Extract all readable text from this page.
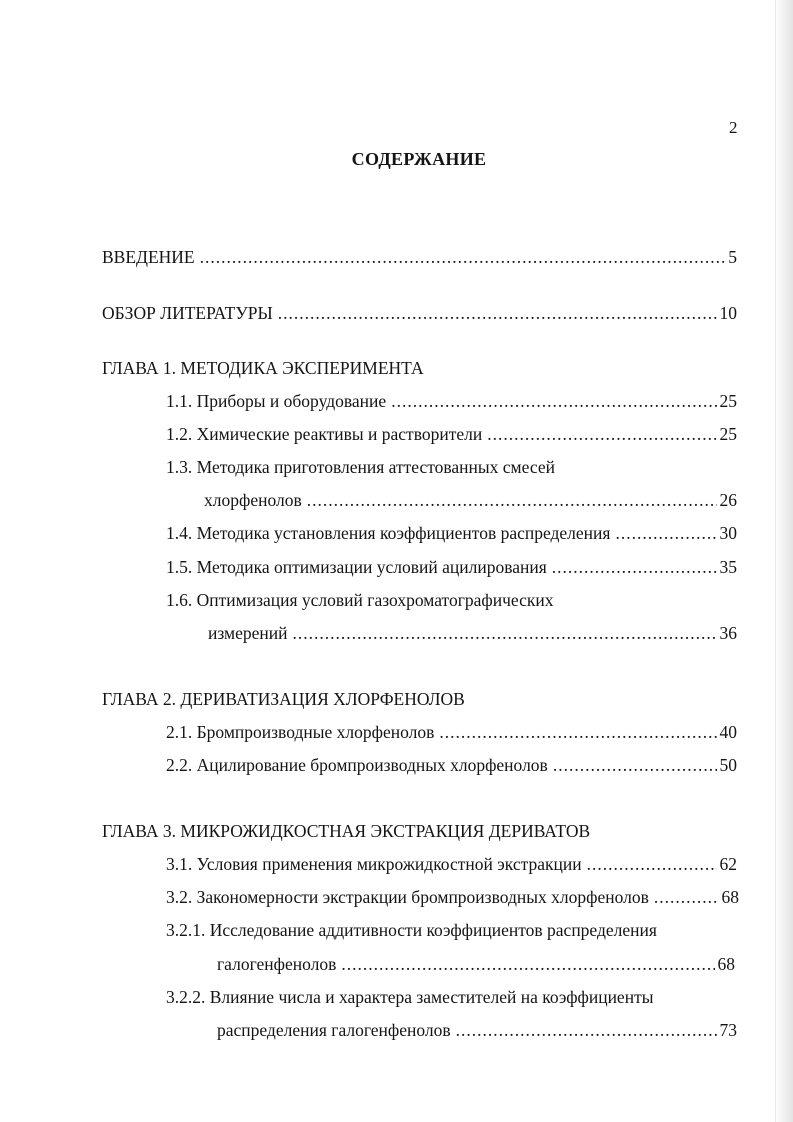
2
СОДЕРЖАНИЕ
ВВЕДЕНИЕ .....	5
ОБЗОР ЛИТЕРАТУРЫ .....	10
ГЛАВА 1. МЕТОДИКА ЭКСПЕРИМЕНТА
1.1. Приборы и оборудование .....	25
1.2. Химические реактивы и растворители .....	25
1.3. Методика приготовления аттестованных смесей
хлорфенолов .....	26
1.4. Методика установления коэффициентов распределения .....	30
1.5. Методика оптимизации условий ацилирования .....	35
1.6. Оптимизация условий газохроматографических
измерений .....	36
ГЛАВА 2. ДЕРИВАТИЗАЦИЯ ХЛОРФЕНОЛОВ
2.1. Бромпроизводные хлорфенолов .....	40
2.2. Ацилирование бромпроизводных хлорфенолов .....	50
ГЛАВА 3. МИКРОЖИДКОСТНАЯ ЭКСТРАКЦИЯ ДЕРИВАТОВ
3.1. Условия применения микрожидкостной экстракции .....	62
3.2. Закономерности экстракции бромпроизводных хлорфенолов .....	68
3.2.1. Исследование аддитивности коэффициентов распределения
галогенфенолов .....	68
3.2.2. Влияние числа и характера заместителей на коэффициенты
распределения галогенфенолов .....	73
